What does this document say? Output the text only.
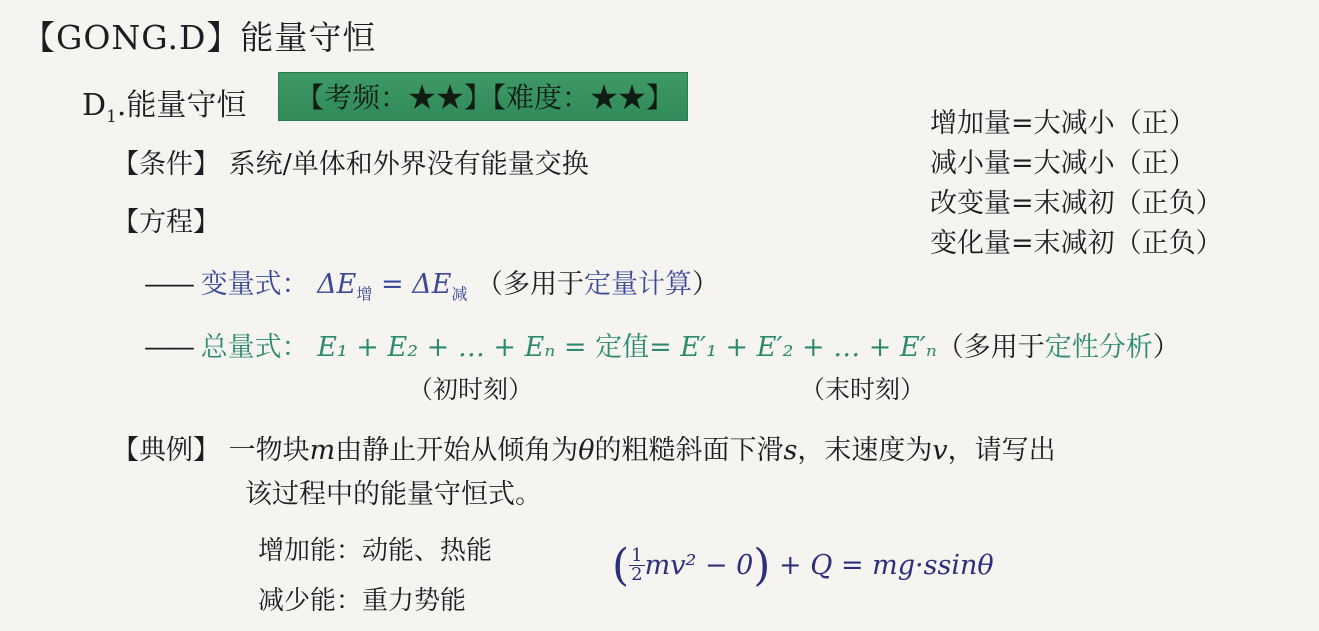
【GONG.D】能量守恒
$D_1$.能量守恒	【考频：★★】【难度：★★】
增加量=大减小（正）
减小量=大减小（正）
改变量=末减初（正负）
变化量=末减初（正负）
【条件】 系统/单体和外界没有能量交换
【方程】
—— 变量式： $\Delta E_增 = \Delta E_减$ （多用于定量计算）
—— 总量式： E₁ + E₂ + … + Eₙ = 定值= E′₁ + E′₂ + … + E′ₙ（多用于定性分析）
（初时刻）	（末时刻）
【典例】 一物块m由静止开始从倾角为θ的粗糙斜面下滑s，末速度为v，请写出
该过程中的能量守恒式。
增加能：动能、热能
减少能：重力势能
( $\frac{1}{2} mv^2 - 0) + Q = mg\cdot ssin\theta$
